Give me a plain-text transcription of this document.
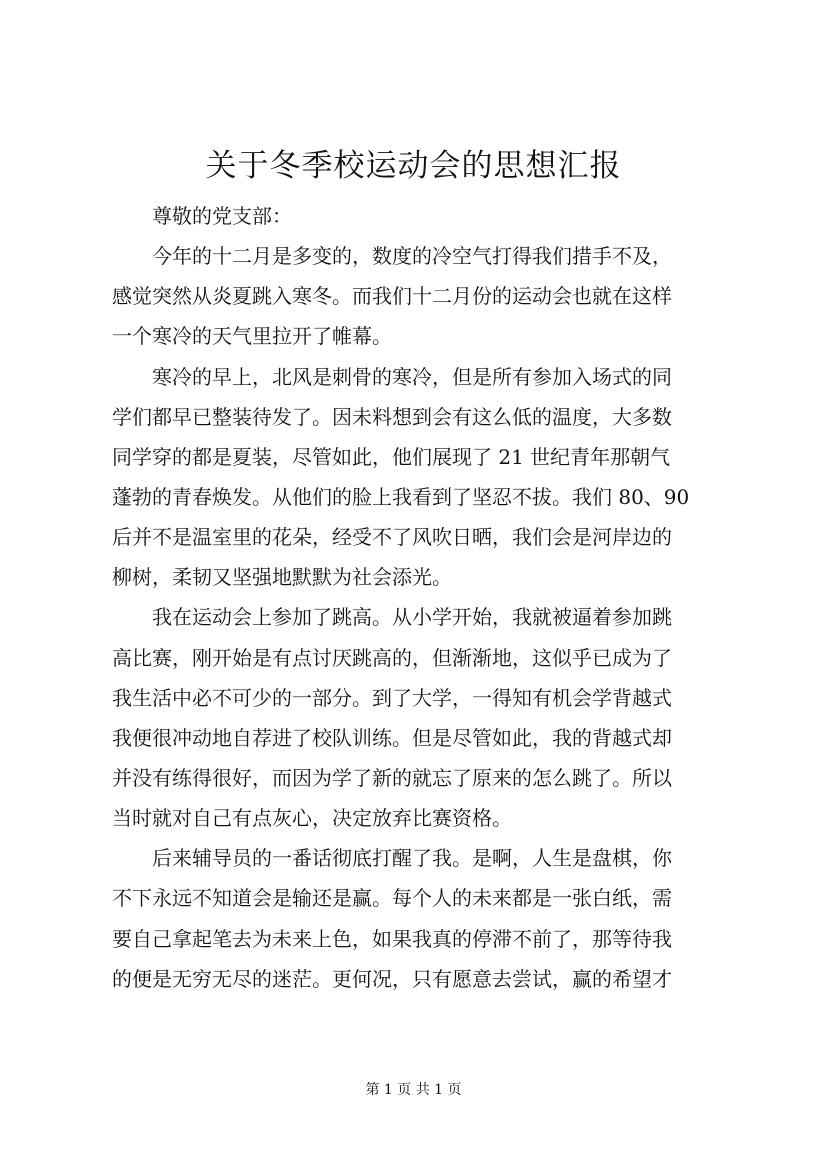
关于冬季校运动会的思想汇报
尊敬的党支部：
今年的十二月是多变的，数度的冷空气打得我们措手不及，
感觉突然从炎夏跳入寒冬。而我们十二月份的运动会也就在这样
一个寒冷的天气里拉开了帷幕。
寒冷的早上，北风是刺骨的寒冷，但是所有参加入场式的同
学们都早已整装待发了。因未料想到会有这么低的温度，大多数
同学穿的都是夏装，尽管如此，他们展现了 21 世纪青年那朝气
蓬勃的青春焕发。从他们的脸上我看到了坚忍不拔。我们 80、90
后并不是温室里的花朵，经受不了风吹日晒，我们会是河岸边的
柳树，柔韧又坚强地默默为社会添光。
我在运动会上参加了跳高。从小学开始，我就被逼着参加跳
高比赛，刚开始是有点讨厌跳高的，但渐渐地，这似乎已成为了
我生活中必不可少的一部分。到了大学，一得知有机会学背越式
我便很冲动地自荐进了校队训练。但是尽管如此，我的背越式却
并没有练得很好，而因为学了新的就忘了原来的怎么跳了。所以
当时就对自己有点灰心，决定放弃比赛资格。
后来辅导员的一番话彻底打醒了我。是啊，人生是盘棋，你
不下永远不知道会是输还是赢。每个人的未来都是一张白纸，需
要自己拿起笔去为未来上色，如果我真的停滞不前了，那等待我
的便是无穷无尽的迷茫。更何况，只有愿意去尝试，赢的希望才
第 1 页 共 1 页
